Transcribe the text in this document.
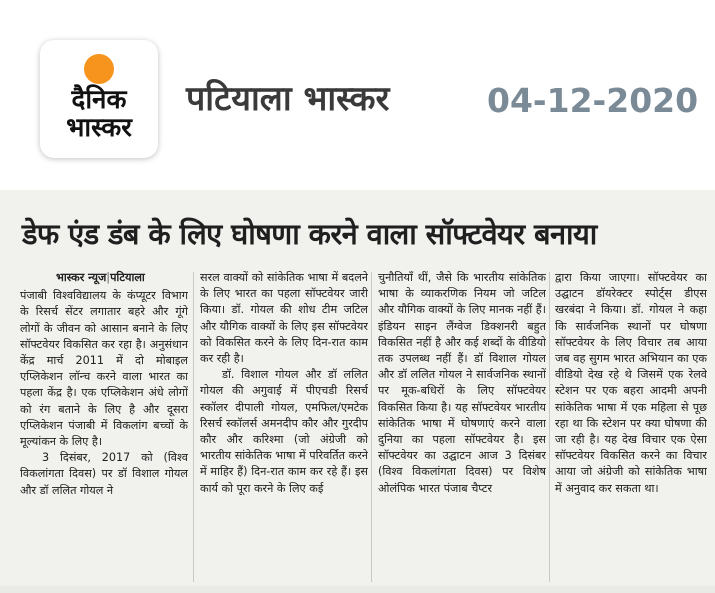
दैनिक
भास्कर
पटियाला भास्कर	04-12-2020
डेफ एंड डंब के लिए घोषणा करने वाला सॉफ्टवेयर बनाया
भास्कर न्यूज|पटियाला

पंजाबी विश्वविद्यालय के कंप्यूटर विभाग के रिसर्च सेंटर लगातार बहरे और गूंगे लोगों के जीवन को आसान बनाने के लिए सॉफ्टवेयर विकसित कर रहा है। अनुसंधान केंद्र मार्च 2011 में दो मोबाइल एप्लिकेशन लॉन्च करने वाला भारत का पहला केंद्र है। एक एप्लिकेशन अंधे लोगों को रंग बताने के लिए है और दूसरा एप्लिकेशन पंजाबी में विकलांग बच्चों के मूल्यांकन के लिए है।

3 दिसंबर, 2017 को (विश्व विकलांगता दिवस) पर डॉ विशाल गोयल और डॉ ललित गोयल ने

सरल वाक्यों को सांकेतिक भाषा में बदलने के लिए भारत का पहला सॉफ्टवेयर जारी किया। डॉ. गोयल की शोध टीम जटिल और यौगिक वाक्यों के लिए इस सॉफ्टवेयर को विकसित करने के लिए दिन-रात काम कर रही है।

डॉ. विशाल गोयल और डॉ ललित गोयल की अगुवाई में पीएचडी रिसर्च स्कॉलर दीपाली गोयल, एमफिल/एमटेक रिसर्च स्कॉलर्स अमनदीप कौर और गुरदीप कौर और करिश्मा (जो अंग्रेजी को भारतीय सांकेतिक भाषा में परिवर्तित करने में माहिर हैं) दिन-रात काम कर रहे हैं। इस कार्य को पूरा करने के लिए कई

चुनौतियाँ थीं, जैसे कि भारतीय सांकेतिक भाषा के व्याकरणिक नियम जो जटिल और यौगिक वाक्यों के लिए मानक नहीं हैं। इंडियन साइन लैंग्वेज डिक्शनरी बहुत विकसित नहीं है और कई शब्दों के वीडियो तक उपलब्ध नहीं हैं। डॉ विशाल गोयल और डॉ ललित गोयल ने सार्वजनिक स्थानों पर मूक-बधिरों के लिए सॉफ्टवेयर विकसित किया है। यह सॉफ्टवेयर भारतीय सांकेतिक भाषा में घोषणाएं करने वाला दुनिया का पहला सॉफ्टवेयर है। इस सॉफ्टवेयर का उद्घाटन आज 3 दिसंबर (विश्व विकलांगता दिवस) पर विशेष ओलंपिक भारत पंजाब चैप्टर

द्वारा किया जाएगा। सॉफ्टवेयर का उद्घाटन डॉयरेक्टर स्पोर्ट्स डीएस खरबंदा ने किया। डॉ. गोयल ने कहा कि सार्वजनिक स्थानों पर घोषणा सॉफ्टवेयर के लिए विचार तब आया जब वह सुगम भारत अभियान का एक वीडियो देख रहे थे जिसमें एक रेलवे स्टेशन पर एक बहरा आदमी अपनी सांकेतिक भाषा में एक महिला से पूछ रहा था कि स्टेशन पर क्या घोषणा की जा रही है। यह देख विचार एक ऐसा सॉफ्टवेयर विकसित करने का विचार आया जो अंग्रेजी को सांकेतिक भाषा में अनुवाद कर सकता था।
